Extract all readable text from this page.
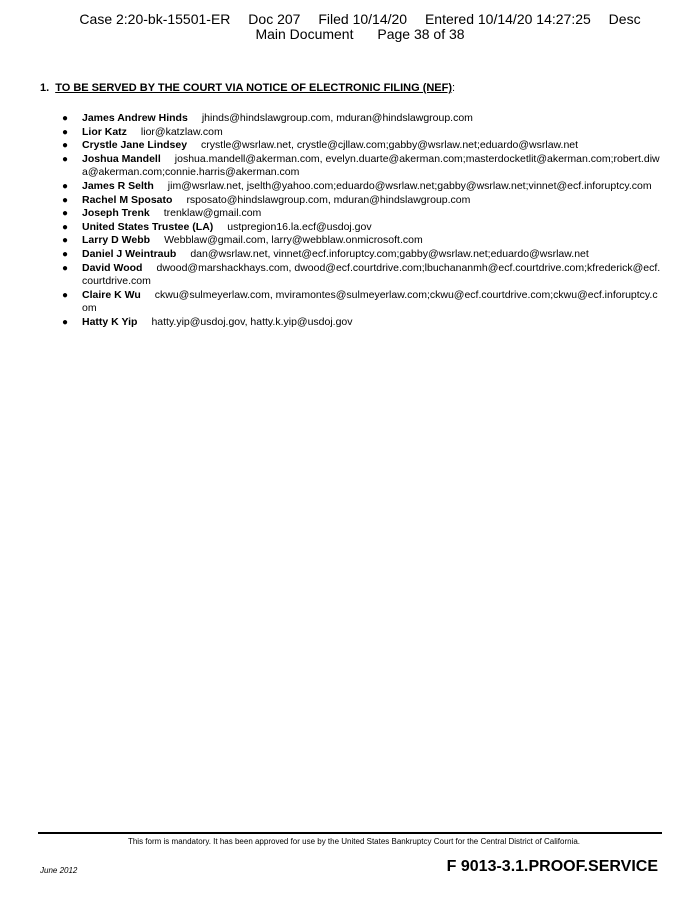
Case 2:20-bk-15501-ER Doc 207 Filed 10/14/20 Entered 10/14/20 14:27:25 Desc
Main Document Page 38 of 38
1. TO BE SERVED BY THE COURT VIA NOTICE OF ELECTRONIC FILING (NEF):
● James Andrew Hinds jhinds@hindslawgroup.com, mduran@hindslawgroup.com
● Lior Katz lior@katzlaw.com
● Crystle Jane Lindsey crystle@wsrlaw.net, crystle@cjllaw.com;gabby@wsrlaw.net;eduardo@wsrlaw.net
● Joshua Mandell joshua.mandell@akerman.com, evelyn.duarte@akerman.com;masterdocketlit@akerman.com;robert.diwa@akerman.com;connie.harris@akerman.com
● James R Selth jim@wsrlaw.net, jselth@yahoo.com;eduardo@wsrlaw.net;gabby@wsrlaw.net;vinnet@ecf.inforuptcy.com
● Rachel M Sposato rsposato@hindslawgroup.com, mduran@hindslawgroup.com
● Joseph Trenk trenklaw@gmail.com
● United States Trustee (LA) ustpregion16.la.ecf@usdoj.gov
● Larry D Webb Webblaw@gmail.com, larry@webblaw.onmicrosoft.com
● Daniel J Weintraub dan@wsrlaw.net, vinnet@ecf.inforuptcy.com;gabby@wsrlaw.net;eduardo@wsrlaw.net
● David Wood dwood@marshackhays.com, dwood@ecf.courtdrive.com;lbuchananmh@ecf.courtdrive.com;kfrederick@ecf.courtdrive.com
● Claire K Wu ckwu@sulmeyerlaw.com, mviramontes@sulmeyerlaw.com;ckwu@ecf.courtdrive.com;ckwu@ecf.inforuptcy.com
● Hatty K Yip hatty.yip@usdoj.gov, hatty.k.yip@usdoj.gov
This form is mandatory. It has been approved for use by the United States Bankruptcy Court for the Central District of California.
June 2012	F 9013-3.1.PROOF.SERVICE
